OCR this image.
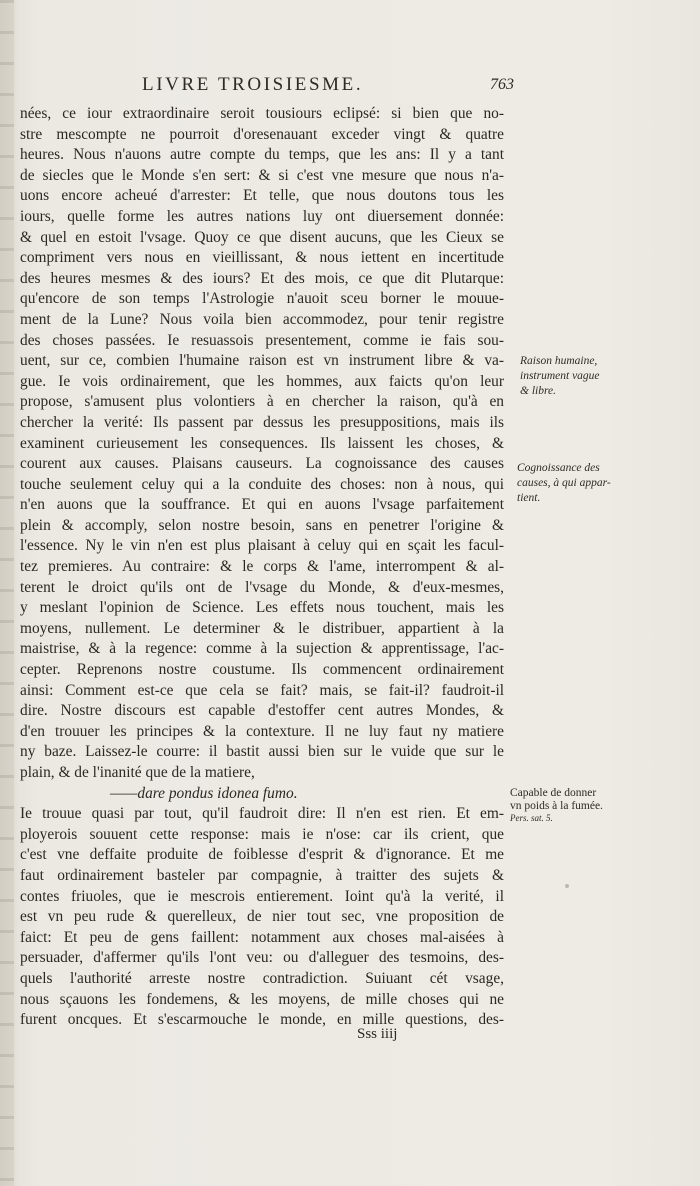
LIVRE TROISIESME.	763
nées, ce iour extraordinaire seroit tousiours eclipsé: si bien que no-
stre mescompte ne pourroit d'oresenauant exceder vingt & quatre
heures. Nous n'auons autre compte du temps, que les ans: Il y a tant
de siecles que le Monde s'en sert: & si c'est vne mesure que nous n'a-
uons encore acheué d'arrester: Et telle, que nous doutons tous les
iours, quelle forme les autres nations luy ont diuersement donnée:
& quel en estoit l'vsage. Quoy ce que disent aucuns, que les Cieux se
compriment vers nous en vieillissant, & nous iettent en incertitude
des heures mesmes & des iours? Et des mois, ce que dit Plutarque:
qu'encore de son temps l'Astrologie n'auoit sceu borner le mouue-
ment de la Lune? Nous voila bien accommodez, pour tenir registre
des choses passées. Ie resuassois presentement, comme ie fais sou-
uent, sur ce, combien l'humaine raison est vn instrument libre & va-
gue. Ie vois ordinairement, que les hommes, aux faicts qu'on leur
propose, s'amusent plus volontiers à en chercher la raison, qu'à en
chercher la verité: Ils passent par dessus les presuppositions, mais ils
examinent curieusement les consequences. Ils laissent les choses, &
courent aux causes. Plaisans causeurs. La cognoissance des causes
touche seulement celuy qui a la conduite des choses: non à nous, qui
n'en auons que la souffrance. Et qui en auons l'vsage parfaitement
plein & accomply, selon nostre besoin, sans en penetrer l'origine &
l'essence. Ny le vin n'en est plus plaisant à celuy qui en sçait les facul-
tez premieres. Au contraire: & le corps & l'ame, interrompent & al-
terent le droict qu'ils ont de l'vsage du Monde, & d'eux-mesmes,
y meslant l'opinion de Science. Les effets nous touchent, mais les
moyens, nullement. Le determiner & le distribuer, appartient à la
maistrise, & à la regence: comme à la sujection & apprentissage, l'ac-
cepter. Reprenons nostre coustume. Ils commencent ordinairement
ainsi: Comment est-ce que cela se fait? mais, se fait-il? faudroit-il
dire. Nostre discours est capable d'estoffer cent autres Mondes, &
d'en trouuer les principes & la contexture. Il ne luy faut ny matiere
ny baze. Laissez-le courre: il bastit aussi bien sur le vuide que sur le
plain, & de l'inanité que de la matiere,
——dare pondus idonea fumo.
Ie trouue quasi par tout, qu'il faudroit dire: Il n'en est rien. Et em-
ployerois souuent cette response: mais ie n'ose: car ils crient, que
c'est vne deffaite produite de foiblesse d'esprit & d'ignorance. Et me
faut ordinairement basteler par compagnie, à traitter des sujets &
contes friuoles, que ie mescrois entierement. Ioint qu'à la verité, il
est vn peu rude & querelleux, de nier tout sec, vne proposition de
faict: Et peu de gens faillent: notamment aux choses mal-aisées à
persuader, d'affermer qu'ils l'ont veu: ou d'alleguer des tesmoins, des-
quels l'authorité arreste nostre contradiction. Suiuant cét vsage,
nous sçauons les fondemens, & les moyens, de mille choses qui ne
furent oncques. Et s'escarmouche le monde, en mille questions, des-
Raison humaine,
instrument vague
& libre.
Cognoissance des
causes, à qui appar-
tient.
Capable de donner
vn poids à la fumée.
Pers. sat. 5.
Sss iiij
